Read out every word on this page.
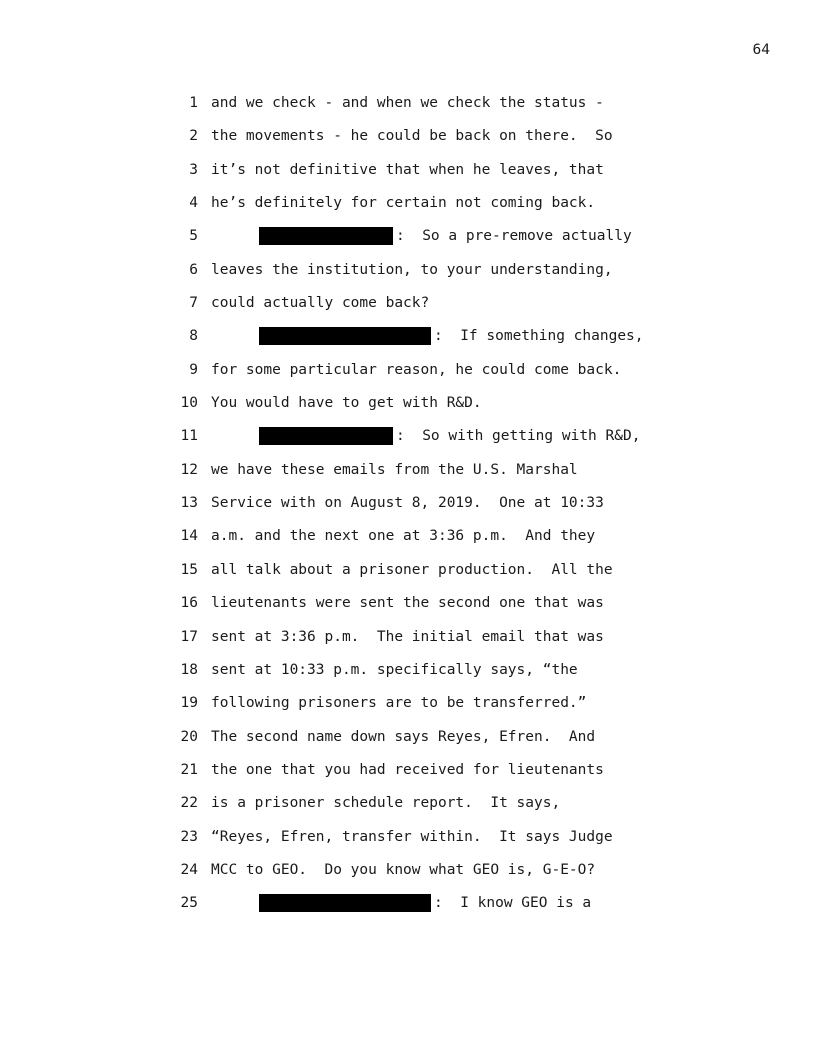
64
1 and we check - and when we check the status -
2 the movements - he could be back on there.  So
3 it’s not definitive that when he leaves, that
4 he’s definitely for certain not coming back.
5	:  So a pre-remove actually
6 leaves the institution, to your understanding,
7 could actually come back?
8	:  If something changes,
9 for some particular reason, he could come back.
10 You would have to get with R&D.
11	:  So with getting with R&D,
12 we have these emails from the U.S. Marshal
13 Service with on August 8, 2019.  One at 10:33
14 a.m. and the next one at 3:36 p.m.  And they
15 all talk about a prisoner production.  All the
16 lieutenants were sent the second one that was
17 sent at 3:36 p.m.  The initial email that was
18 sent at 10:33 p.m. specifically says, “the
19 following prisoners are to be transferred.”
20 The second name down says Reyes, Efren.  And
21 the one that you had received for lieutenants
22 is a prisoner schedule report.  It says,
23 “Reyes, Efren, transfer within.  It says Judge
24 MCC to GEO.  Do you know what GEO is, G-E-O?
25	:  I know GEO is a
